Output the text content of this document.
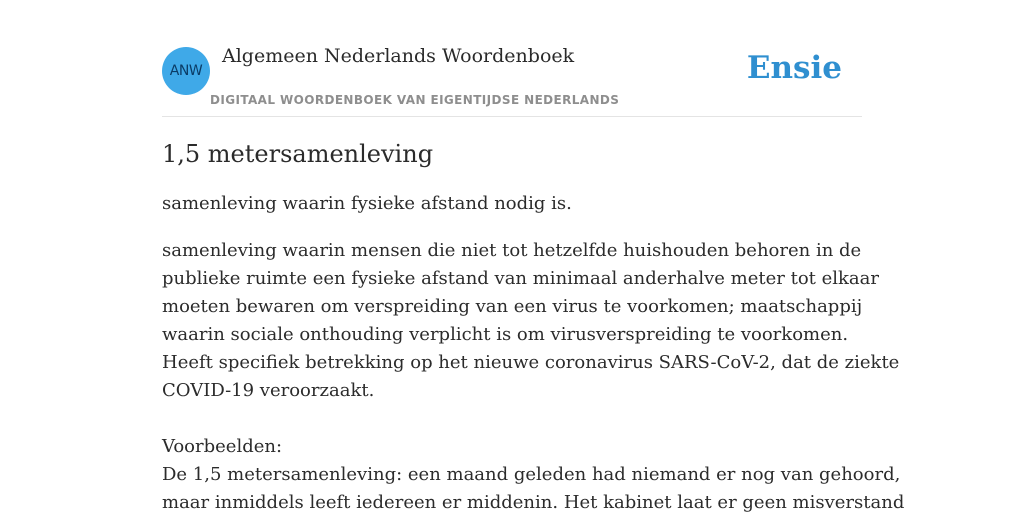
ANW
Algemeen Nederlands Woordenboek
DIGITAAL WOORDENBOEK VAN EIGENTIJDSE NEDERLANDS
Ensie
1,5 metersamenleving

samenleving waarin fysieke afstand nodig is.

samenleving waarin mensen die niet tot hetzelfde huishouden behoren in de
publieke ruimte een fysieke afstand van minimaal anderhalve meter tot elkaar
moeten bewaren om verspreiding van een virus te voorkomen; maatschappij
waarin sociale onthouding verplicht is om virusverspreiding te voorkomen.
Heeft specifiek betrekking op het nieuwe coronavirus SARS-CoV-2, dat de ziekte
COVID-19 veroorzaakt.

Voorbeelden:

De 1,5 metersamenleving: een maand geleden had niemand er nog van gehoord,
maar inmiddels leeft iedereen er middenin. Het kabinet laat er geen misverstand
